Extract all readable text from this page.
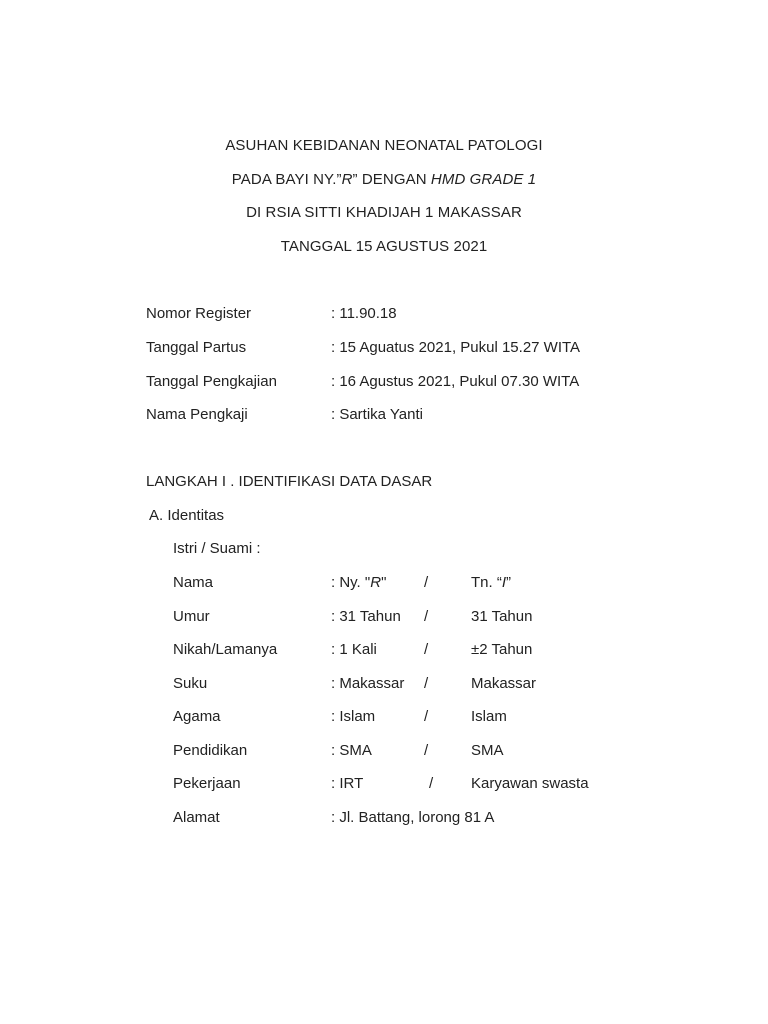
ASUHAN KEBIDANAN NEONATAL PATOLOGI
PADA BAYI NY.”R” DENGAN HMD GRADE 1
DI RSIA SITTI KHADIJAH 1 MAKASSAR
TANGGAL 15 AGUSTUS 2021
Nomor Register	: 11.90.18
Tanggal Partus	: 15 Aguatus 2021, Pukul 15.27 WITA
Tanggal Pengkajian	: 16 Agustus 2021, Pukul 07.30 WITA
Nama Pengkaji	: Sartika Yanti
LANGKAH I . IDENTIFIKASI DATA DASAR
A. Identitas
Istri / Suami :
Nama	: Ny. "R"	/	Tn. “I”
Umur	: 31 Tahun /	31 Tahun
Nikah/Lamanya	: 1 Kali	/	±2 Tahun
Suku	: Makassar /	Makassar
Agama	: Islam	/	Islam
Pendidikan	: SMA	/	SMA
Pekerjaan	: IRT	/	Karyawan swasta
Alamat	: Jl. Battang, lorong 81 A
